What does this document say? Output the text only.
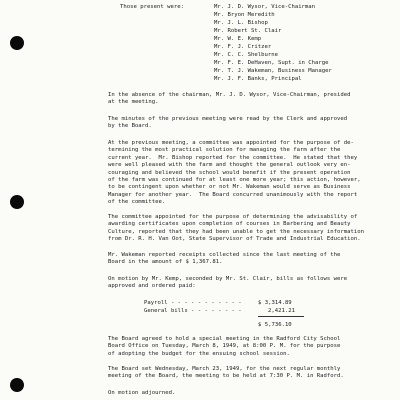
Those present were:	Mr. J. D. Wysor, Vice-Chairman
Mr. Bryon Meredith
Mr. J. L. Bishop
Mr. Robert St. Clair
Mr. W. E. Kemp
Mr. F. J. Critzer
Mr. C. C. Shelburne
Mr. F. E. DeHaven, Supt. in Charge
Mr. T. J. Wakeman, Business Manager
Mr. J. F. Banks, Principal
In the absence of the chairman, Mr. J. D. Wysor, Vice-Chairman, presided
at the meeting.
The minutes of the previous meeting were read by the Clerk and approved
by the Board.
At the previous meeting, a committee was appointed for the purpose of de-
termining the most practical solution for managing the farm after the
current year.  Mr. Bishop reported for the committee.  He stated that they
were well pleased with the farm and thought the general outlook very en-
couraging and believed the school would benefit if the present operation
of the farm was continued for at least one more year; this action, however,
to be contingent upon whether or not Mr. Wakeman would serve as Business
Manager for another year.  The Board concurred unanimously with the report
of the committee.
The committee appointed for the purpose of determining the advisability of
awarding certificates upon completion of courses in Barbering and Beauty
Culture, reported that they had been unable to get the necessary information
from Dr. R. H. Van Oot, State Supervisor of Trade and Industrial Education.
Mr. Wakeman reported receipts collected since the last meeting of the
Board in the amount of $ 1,367.81.
On motion by Mr. Kemp, seconded by Mr. St. Clair, bills as follows were
approved and ordered paid:
Payroll - - - - - - - - - - -	$ 3,314.89
General bills - - - - - - - -	2,421.21
$ 5,736.10
The Board agreed to hold a special meeting in the Radford City School
Board Office on Tuesday, March 8, 1949, at 8:00 P. M. for the purpose
of adopting the budget for the ensuing school session.
The Board set Wednesday, March 23, 1949, for the next regular monthly
meeting of the Board, the meeting to be held at 7:30 P. M. in Radford.
On motion adjourned.
